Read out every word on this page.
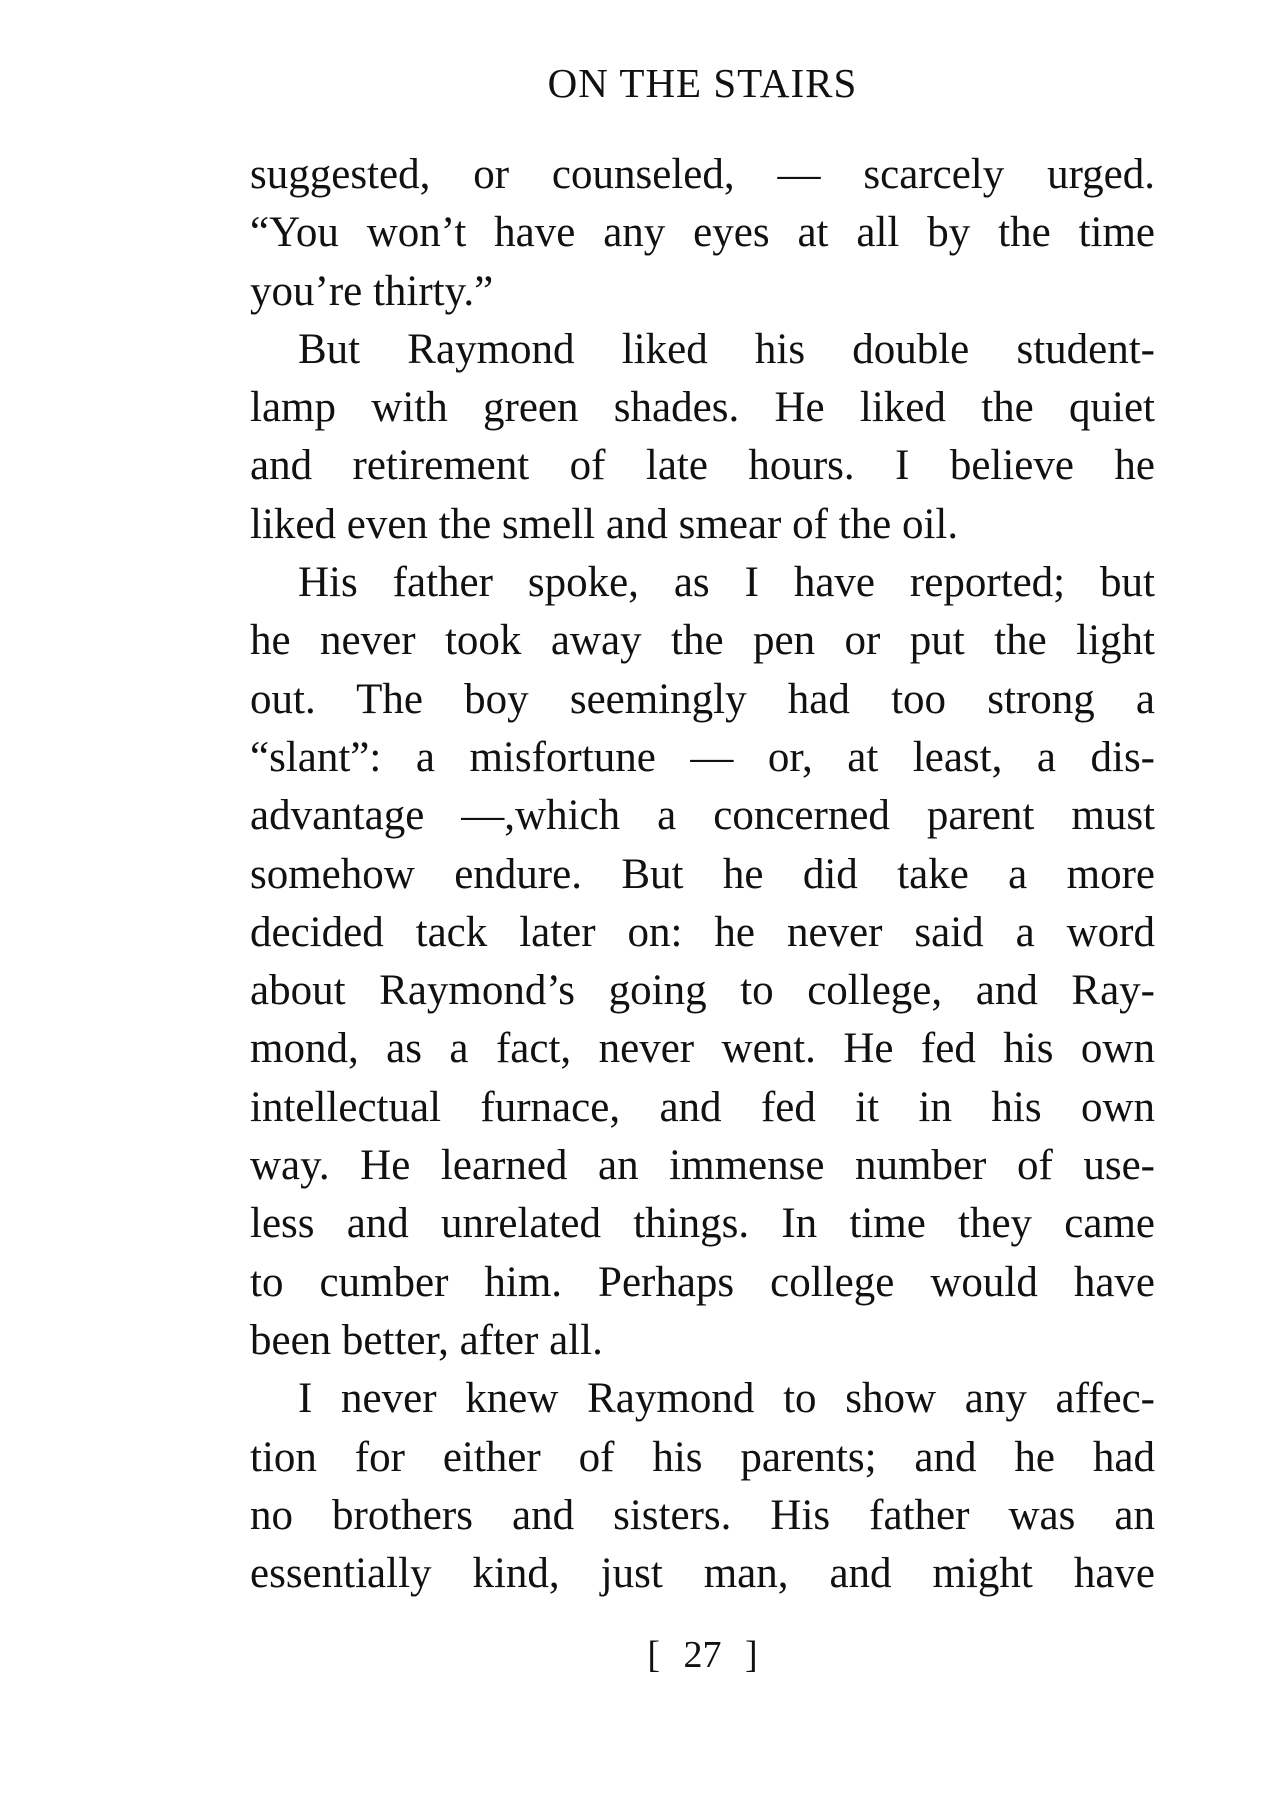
ON THE STAIRS
suggested, or counseled, — scarcely urged.
“You won’t have any eyes at all by the time
you’re thirty.”
But Raymond liked his double student-
lamp with green shades. He liked the quiet
and retirement of late hours. I believe he
liked even the smell and smear of the oil.
His father spoke, as I have reported; but
he never took away the pen or put the light
out. The boy seemingly had too strong a
“slant”: a misfortune — or, at least, a dis-
advantage —,which a concerned parent must
somehow endure. But he did take a more
decided tack later on: he never said a word
about Raymond’s going to college, and Ray-
mond, as a fact, never went. He fed his own
intellectual furnace, and fed it in his own
way. He learned an immense number of use-
less and unrelated things. In time they came
to cumber him. Perhaps college would have
been better, after all.
I never knew Raymond to show any affec-
tion for either of his parents; and he had
no brothers and sisters. His father was an
essentially kind, just man, and might have
[ 27 ]
